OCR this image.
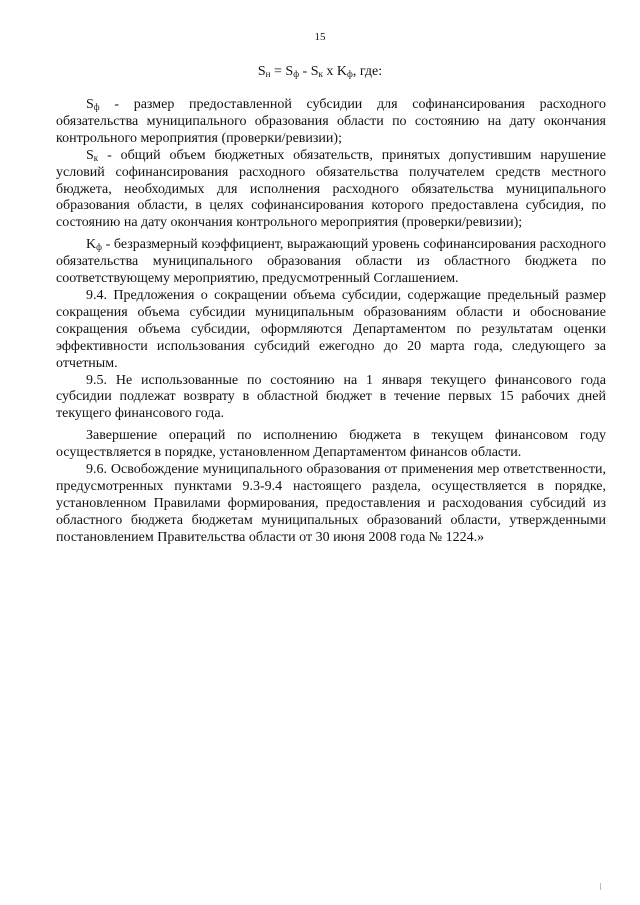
15
$S_н = S_ф - S_к$ x $K_ф$, где:

$S_ф$ - размер предоставленной субсидии для софинансирования расходного обязательства муниципального образования области по состоянию на дату окончания контрольного мероприятия (проверки/ревизии);

$S_к$ - общий объем бюджетных обязательств, принятых допустившим нарушение условий софинансирования расходного обязательства получателем средств местного бюджета, необходимых для исполнения расходного обязательства муниципального образования области, в целях софинансирования которого предоставлена субсидия, по состоянию на дату окончания контрольного мероприятия (проверки/ревизии);

$K_ф$ - безразмерный коэффициент, выражающий уровень софинансирования расходного обязательства муниципального образования области из областного бюджета по соответствующему мероприятию, предусмотренный Соглашением.

9.4. Предложения о сокращении объема субсидии, содержащие предельный размер сокращения объема субсидии муниципальным образованиям области и обоснование сокращения объема субсидии, оформляются Департаментом по результатам оценки эффективности использования субсидий ежегодно до 20 марта года, следующего за отчетным.

9.5. Не использованные по состоянию на 1 января текущего финансового года субсидии подлежат возврату в областной бюджет в течение первых 15 рабочих дней текущего финансового года.

Завершение операций по исполнению бюджета в текущем финансовом году осуществляется в порядке, установленном Департаментом финансов области.

9.6. Освобождение муниципального образования от применения мер ответственности, предусмотренных пунктами 9.3-9.4 настоящего раздела, осуществляется в порядке, установленном Правилами формирования, предоставления и расходования субсидий из областного бюджета бюджетам муниципальных образований области, утвержденными постановлением Правительства области от 30 июня 2008 года № 1224.»
